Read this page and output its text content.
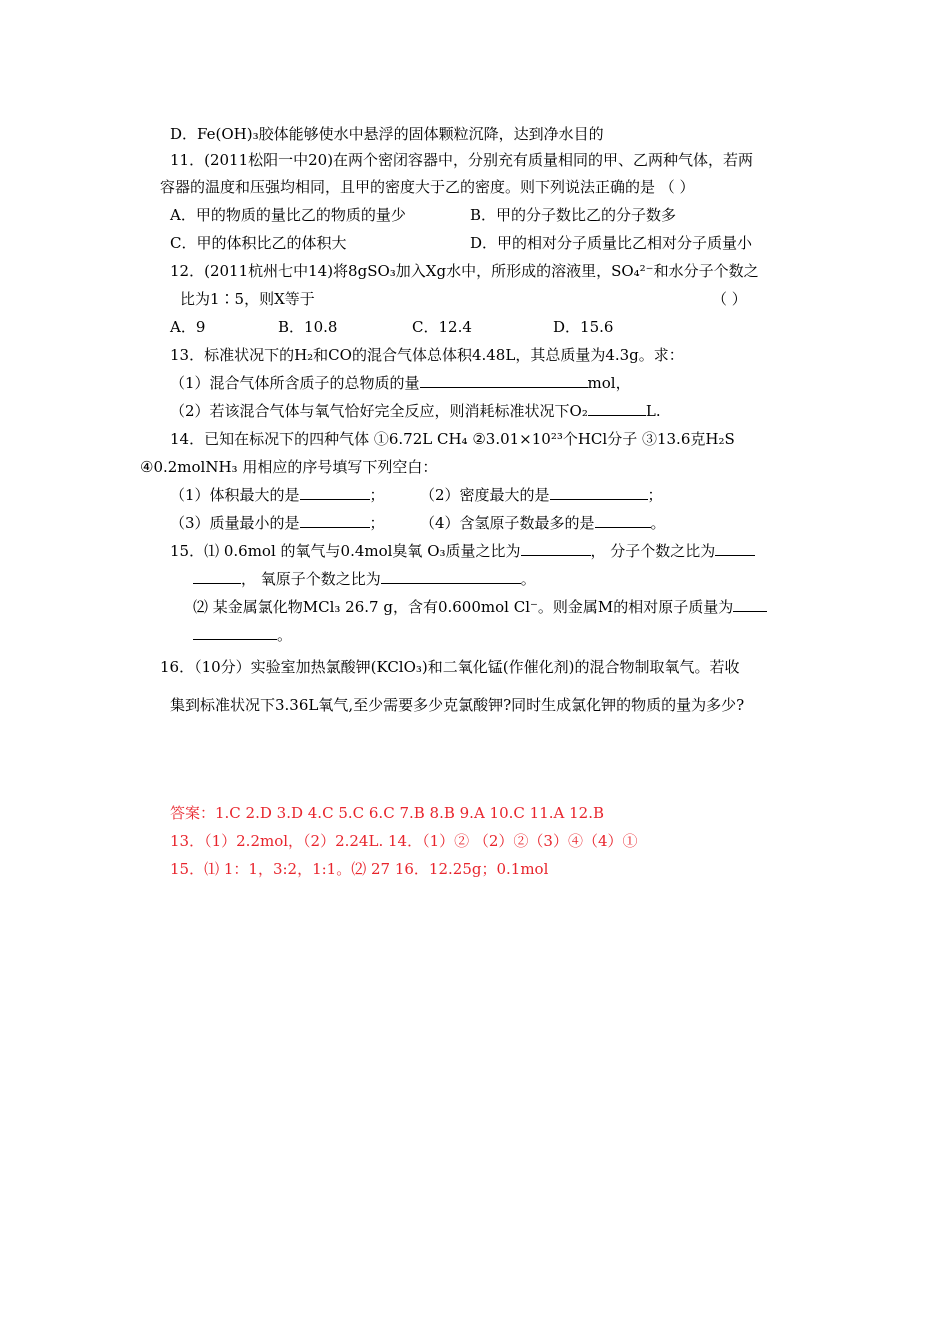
D．Fe(OH)₃胶体能够使水中悬浮的固体颗粒沉降，达到净水目的
11．(2011松阳一中20)在两个密闭容器中，分别充有质量相同的甲、乙两种气体，若两
容器的温度和压强均相同，且甲的密度大于乙的密度。则下列说法正确的是 （ ）
A．甲的物质的量比乙的物质的量少	B．甲的分子数比乙的分子数多
C．甲的体积比乙的体积大	D．甲的相对分子质量比乙相对分子质量小
12．(2011杭州七中14)将8gSO₃加入Xg水中，所形成的溶液里，SO₄²⁻和水分子个数之
比为1∶5，则X等于	（ ）
A．9	B．10.8	C．12.4	D．15.6
13．标准状况下的H₂和CO的混合气体总体积4.48L，其总质量为4.3g。求：
（1）混合气体所含质子的总物质的量	mol，
（2）若该混合气体与氧气恰好完全反应，则消耗标准状况下O₂	L.
14．已知在标况下的四种气体 ①6.72L CH₄ ②3.01×10²³个HCl分子 ③13.6克H₂S
④0.2molNH₃ 用相应的序号填写下列空白：
（1）体积最大的是	； （2）密度最大的是	；
（3）质量最小的是	； （4）含氢原子数最多的是	。
15．⑴ 0.6mol 的氧气与0.4mol臭氧 O₃质量之比为	， 分子个数之比为
， 氧原子个数之比为	。
⑵ 某金属氯化物MCl₃ 26.7 g，含有0.600mol Cl⁻。则金属M的相对原子质量为
。
16．（10分）实验室加热氯酸钾(KClO₃)和二氧化锰(作催化剂)的混合物制取氧气。若收
集到标准状况下3.36L氧气,至少需要多少克氯酸钾?同时生成氯化钾的物质的量为多少?
答案：1.C 2.D 3.D 4.C 5.C 6.C 7.B 8.B 9.A 10.C 11.A 12.B
13．（1）2.2mol，（2）2.24L. 14．（1）② （2）②（3）④（4）①
15．⑴ 1：1，3:2，1:1。⑵ 27 16．12.25g；0.1mol
